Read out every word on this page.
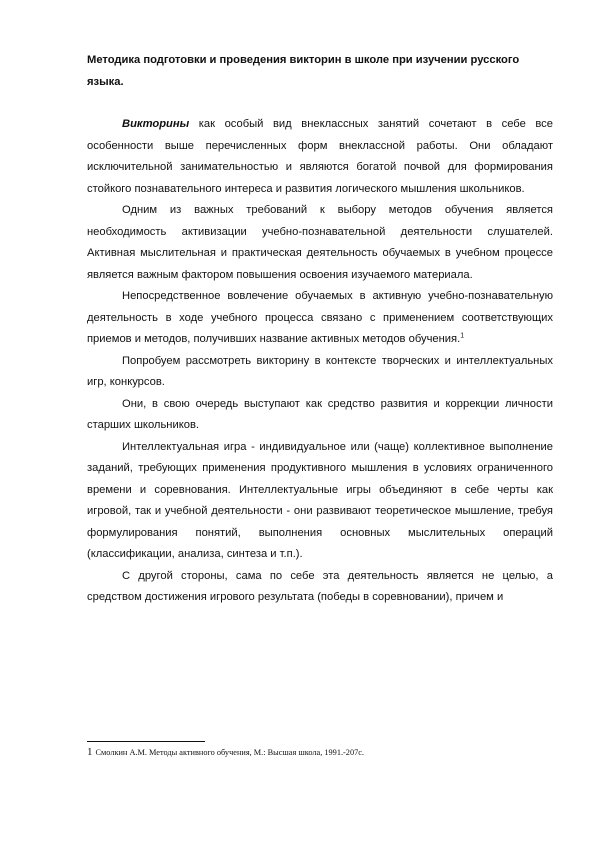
Методика подготовки и проведения викторин в школе при изучении русского языка.

Викторины как особый вид внеклассных занятий сочетают в себе все особенности выше перечисленных форм внеклассной работы. Они обладают исключительной занимательностью и являются богатой почвой для формирования стойкого познавательного интереса и развития логического мышления школьников.

Одним из важных требований к выбору методов обучения является необходимость активизации учебно-познавательной деятельности слушателей. Активная мыслительная и практическая деятельность обучаемых в учебном процессе является важным фактором повышения освоения изучаемого материала.

Непосредственное вовлечение обучаемых в активную учебно-познавательную деятельность в ходе учебного процесса связано с применением соответствующих приемов и методов, получивших название активных методов обучения.$^1$

Попробуем рассмотреть викторину в контексте творческих и интеллектуальных игр, конкурсов.

Они, в свою очередь выступают как средство развития и коррекции личности старших школьников.

Интеллектуальная игра - индивидуальное или (чаще) коллективное выполнение заданий, требующих применения продуктивного мышления в условиях ограниченного времени и соревнования. Интеллектуальные игры объединяют в себе черты как игровой, так и учебной деятельности - они развивают теоретическое мышление, требуя формулирования понятий, выполнения основных мыслительных операций (классификации, анализа, синтеза и т.п.).

С другой стороны, сама по себе эта деятельность является не целью, а средством достижения игрового результата (победы в соревновании), причем и

1 Смолкин А.М. Методы активного обучения, М.: Высшая школа, 1991.-207с.
